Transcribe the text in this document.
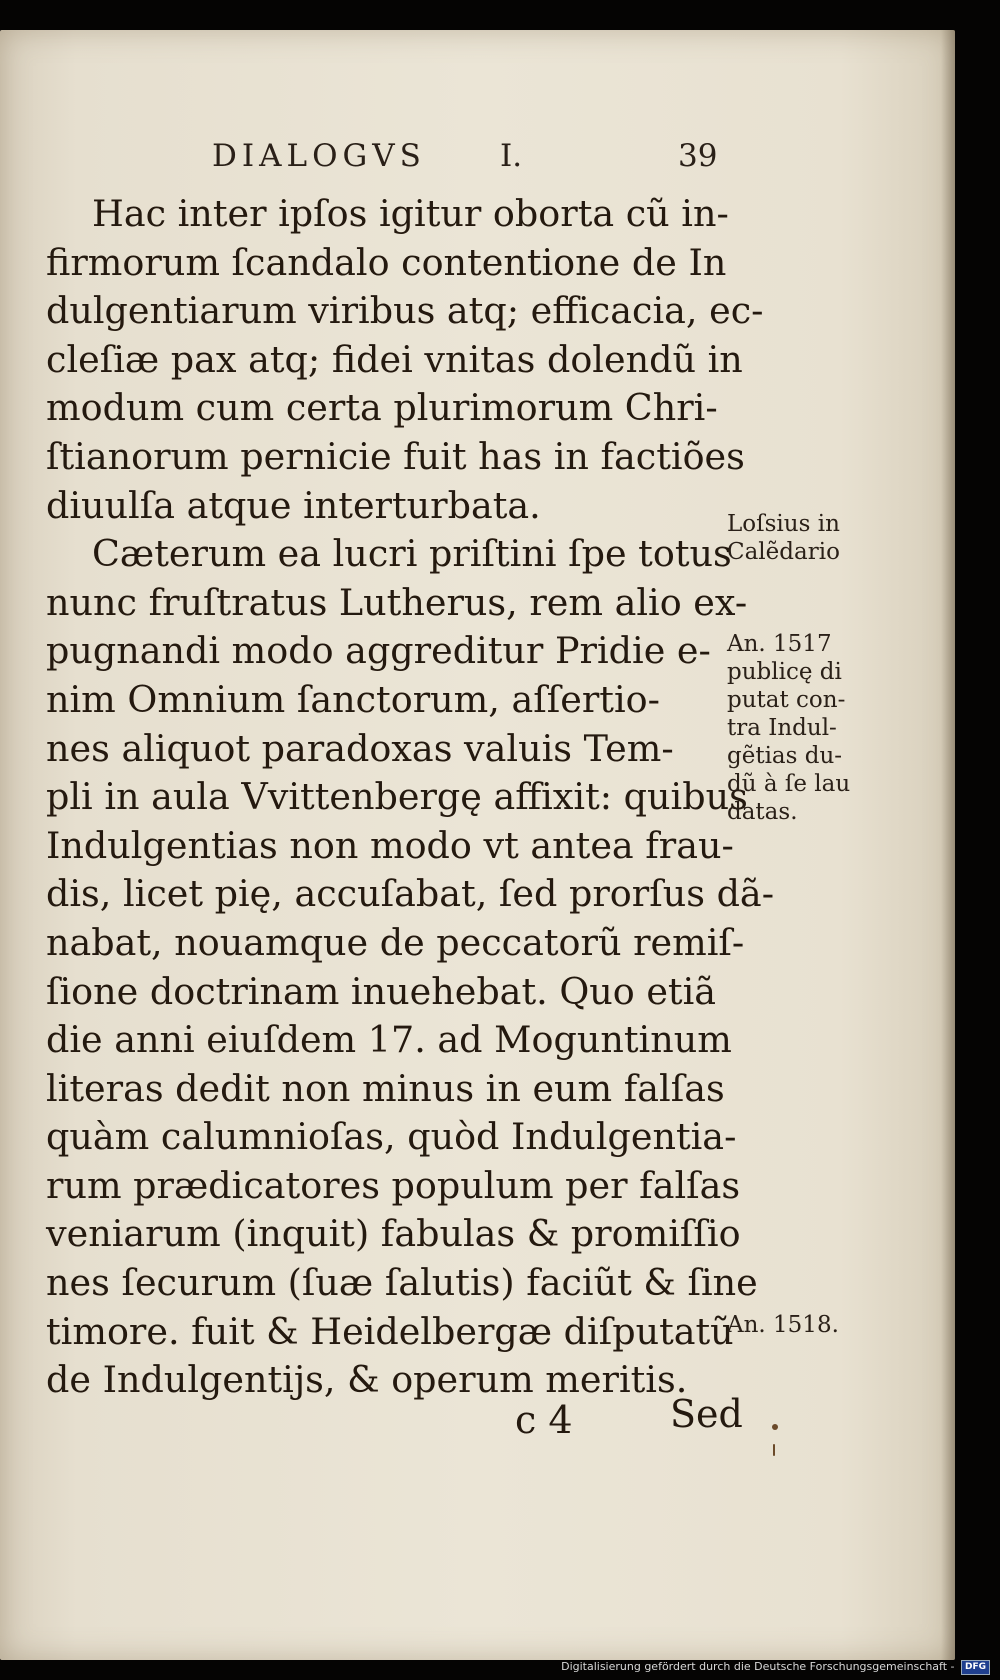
DIALOGVS I.	39
Hac inter ipſos igitur oborta cũ in-
firmorum ſcandalo contentione de In
dulgentiarum viribus atq; efficacia, ec-
cleſiæ pax atq; fidei vnitas dolendũ in
modum cum certa plurimorum Chri-
ſtianorum pernicie fuit has in factiões
diuulſa atque interturbata.
Cæterum ea lucri priſtini ſpe totus
nunc fruſtratus Lutherus, rem alio ex-
pugnandi modo aggreditur Pridie e-
nim Omnium ſanctorum, aſſertio-
nes aliquot paradoxas valuis Tem-
pli in aula Vvittenbergę affixit: quibus
Indulgentias non modo vt antea frau-
dis, licet pię, accuſabat, ſed prorſus dã-
nabat, nouamque de peccatorũ remiſ-
ſione doctrinam inuehebat. Quo etiã
die anni eiuſdem 17. ad Moguntinum
literas dedit non minus in eum falſas
quàm calumnioſas, quòd Indulgentia-
rum prædicatores populum per falſas
veniarum (inquit) fabulas & promiſſio
nes ſecurum (ſuæ ſalutis) faciũt & ſine
timore. fuit & Heidelbergæ diſputatũ
de Indulgentijs, & operum meritis.
Loſsius in
Calẽdario
An. 1517
publicę di
putat con-
tra Indul-
gẽtias du-
dũ à ſe lau
datas.
An. 1518.
c 4	Sed
Digitalisierung gefördert durch die Deutsche Forschungsgemeinschaft - DFG
